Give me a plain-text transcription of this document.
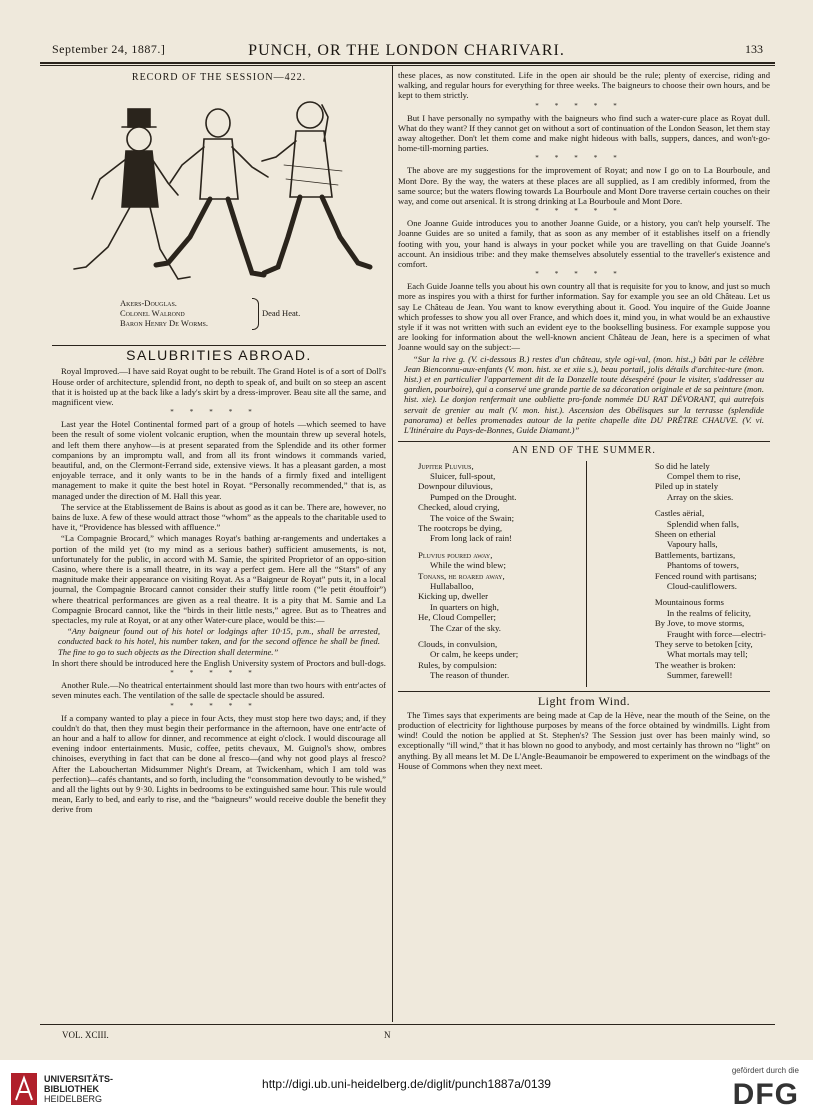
September 24, 1887.]	PUNCH, OR THE LONDON CHARIVARI.	133
RECORD OF THE SESSION—422.
SALUBRITIES ABROAD.

Royal Improved.—I have said Royat ought to be rebuilt. The Grand Hotel is of a sort of Doll's House order of architecture, splendid front, no depth to speak of, and built on so steep an ascent that it is hoisted up at the back like a lady's skirt by a dress-improver. Beau site all the same, and magnificent view.

*****

Last year the Hotel Continental formed part of a group of hotels —which seemed to have been the result of some violent volcanic eruption, when the mountain threw up several hotels, and left them there anyhow—is at present separated from the Splendide and its other former companions by an impromptu wall, and from all its front windows it commands varied, beautiful, and, on the Clermont-Ferrand side, extensive views. It has a pleasant garden, a most enjoyable terrace, and it only wants to be in the hands of a firmly fixed and intelligent management to make it quite the best hotel in Royat. “Personally recommended,” that is, as managed under the direction of M. Hall this year.

The service at the Etablissement de Bains is about as good as it can be. There are, however, no bains de luxe. A few of these would attract those “whom” as the appeals to the charitable used to have it, “Providence has blessed with affluence.”

“La Compagnie Brocard,” which manages Royat's bathing ar-rangements and undertakes a portion of the mild yet (to my mind as a serious bather) sufficient amusements, is not, unfortunately for the public, in accord with M. Samie, the spirited Proprietor of an oppo-sition Casino, where there is a small theatre, in its way a perfect gem. Here all the “Stars” of any magnitude make their appearance on visiting Royat. As a “Baigneur de Royat” puts it, in a local journal, the Compagnie Brocard cannot consider their stuffy little room (“le petit étouffoir”) where theatrical performances are given as a real theatre. It is a pity that M. Samie and La Compagnie Brocard cannot, like the “birds in their little nests,” agree. But as to Theatres and spectacles, my rule at Royat, or at any other Water-cure place, would be this:—

“Any baigneur found out of his hotel or lodgings after 10·15, p.m., shall be arrested, conducted back to his hotel, his number taken, and for the second offence he shall be fined. The fine to go to such objects as the Direction shall determine.”

In short there should be introduced here the English University system of Proctors and bull-dogs.

*****

Another Rule.—No theatrical entertainment should last more than two hours with entr'actes of seven minutes each. The ventilation of the salle de spectacle should be assured.

*****

If a company wanted to play a piece in four Acts, they must stop here two days; and, if they couldn't do that, then they must begin their performance in the afternoon, have one entr'acte of an hour and a half to allow for dinner, and recommence at eight o'clock. I would discourage all evening indoor entertainments. Music, coffee, petits chevaux, M. Guignol's show, ombres chinoises, everything in fact that can be done al fresco—(and why not good plays al fresco? After the Labouchertan Midsummer Night's Dream, at Twickenham, which I am told was perfection)—cafés chantants, and so forth, including the “consommation devoutly to be wished,” and all the lights out by 9·30. Lights in bedrooms to be extinguished same hour. This rule would mean, Early to bed, and early to rise, and the “baigneurs” would receive double the benefit they derive from

Akers-Douglas.
Colonel Walrond
Baron Henry De Worms.
Dead Heat.

these places, as now constituted. Life in the open air should be the rule; plenty of exercise, riding and walking, and regular hours for everything for three weeks. The baigneurs to choose their own hours, and be kept to them strictly.

*****

But I have personally no sympathy with the baigneurs who find such a water-cure place as Royat dull. What do they want? If they cannot get on without a sort of continuation of the London Season, let them stay away altogether. Don't let them come and make night hideous with balls, suppers, dances, and won't-go-home-till-morning parties.

*****

The above are my suggestions for the improvement of Royat; and now I go on to La Bourboule, and Mont Dore. By the way, the waters at these places are all supplied, as I am credibly informed, from the same source; but the waters flowing towards La Bourboule and Mont Dore traverse certain couches on their way, and come out arsenical. It is strong drinking at La Bourboule and Mont Dore.

*****

One Joanne Guide introduces you to another Joanne Guide, or a history, you can't help yourself. The Joanne Guides are so united a family, that as soon as any member of it establishes itself on a friendly footing with you, your hand is always in your pocket while you are travelling on that Guide Joanne's account. An insidious tribe: and they make themselves absolutely essential to the traveller's existence and comfort.

*****

Each Guide Joanne tells you about his own country all that is requisite for you to know, and just so much more as inspires you with a thirst for further information. Say for example you see an old Château. Let us say Le Château de Jean. You want to know everything about it. Good. You inquire of the Guide Joanne which professes to show you all over France, and which does it, mind you, in what would be an exhaustive style if it was not written with such an evident eye to the bookselling business. For example suppose you are looking for information about the well-known ancient Château de Jean, here is a specimen of what Joanne would say on the subject:—

“Sur la rive g. (V. ci-dessous B.) restes d'un château, style ogi-val, (mon. hist.,) bâti par le célèbre Jean Bienconnu-aux-enfants (V. mon. hist. xe et xiie s.), beau portail, jolis détails d'architec-ture (mon. hist.) et en particulier l'appartement dit de la Donzelle toute désespéré (pour le visiter, s'addresser au gardien, pourboire), qui a conservé une grande partie de sa décoration originale et de sa peinture (mon. hist. xie). Le donjon renfermait une oubliette pro-fonde nommée DU RAT DÉVORANT, qui autrefois servait de grenier au malt (V. mon. hist.). Ascension des Obélisques sur la terrasse (splendide panorama) et belles promenades autour de la petite chapelle dite DU PRÊTRE CHAUVE. (V. vi. L'Itinéraire du Pays-de-Bonnes, Guide Diamant.)”

AN END OF THE SUMMER.
Jupiter Pluvius,
Sluicer, full-spout,
Downpour diluvious,
Pumped on the Drought.
Checked, aloud crying,
The voice of the Swain;
The rootcrops be dying,
From long lack of rain!
Pluvius poured away,
While the wind blew;
Tonans, he roared away,
Hullaballoo,
Kicking up, dweller
In quarters on high,
He, Cloud Compeller;
The Czar of the sky.
Clouds, in convulsion,
Or calm, he keeps under;
Rules, by compulsion:
The reason of thunder.
So did he lately
Compel them to rise,
Piled up in stately
Array on the skies.
Castles aërial,
Splendid when falls,
Sheen on etherial
Vapoury halls,
Battlements, bartizans,
Phantoms of towers,
Fenced round with partisans;
Cloud-cauliflowers.
Mountainous forms
In the realms of felicity,
By Jove, to move storms,
Fraught with force—electri-
They serve to betoken [city,
What mortals may tell;
The weather is broken:
Summer, farewell!
Light from Wind.

The Times says that experiments are being made at Cap de la Hève, near the mouth of the Seine, on the production of electricity for lighthouse purposes by means of the force obtained by windmills. Light from wind! Could the notion be applied at St. Stephen's? The Session just over has been mainly wind, so exceptionally “ill wind,” that it has blown no good to anybody, and most certainly has thrown no “light” on anything. By all means let M. De L'Angle-Beaumanoir be empowered to experiment on the windbags of the House of Commons when they next meet.

VOL. XCIII.	N
UNIVERSITÄTS-
BIBLIOTHEK
HEIDELBERG
http://digi.ub.uni-heidelberg.de/diglit/punch1887a/0139
gefördert durch die
DFG
